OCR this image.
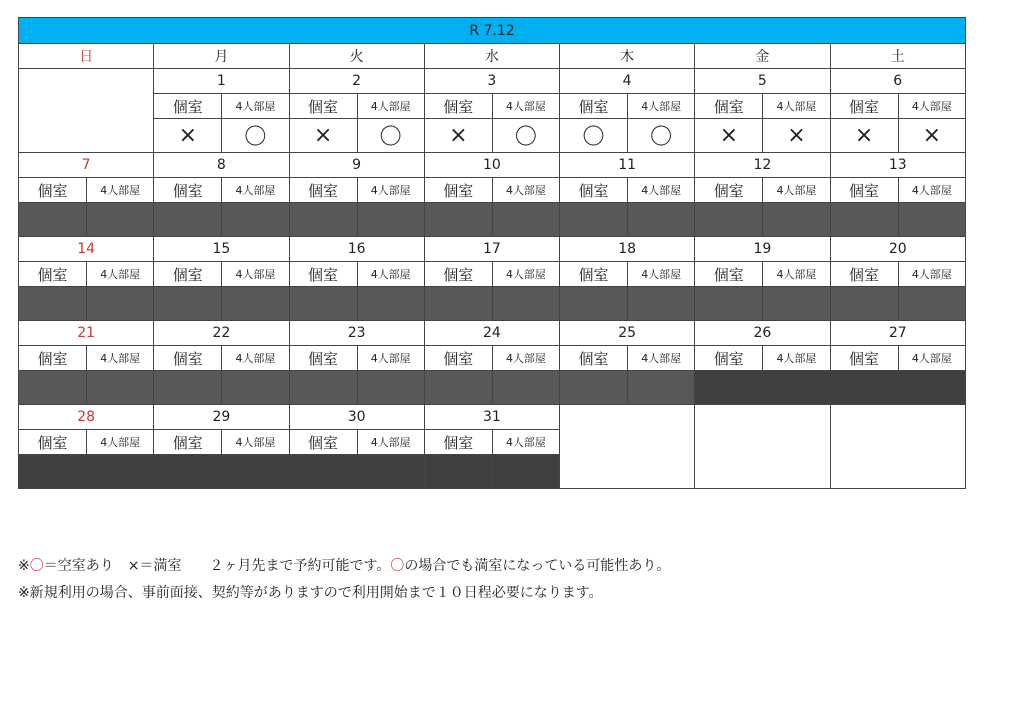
R 7.12													
日		月		火		水		木		金		土	
		1		2		3		4		5		6	
		個室	4人部屋	個室	4人部屋	個室	4人部屋	個室	4人部屋	個室	4人部屋	個室	4人部屋
		×	〇	×	〇	×	〇	〇	〇	×	×	×	×
7		8		9		10		11		12		13	
個室	4人部屋	個室	4人部屋	個室	4人部屋	個室	4人部屋	個室	4人部屋	個室	4人部屋	個室	4人部屋

14		15		16		17		18		19		20	
個室	4人部屋	個室	4人部屋	個室	4人部屋	個室	4人部屋	個室	4人部屋	個室	4人部屋	個室	4人部屋

21		22		23		24		25		26		27	
個室	4人部屋	個室	4人部屋	個室	4人部屋	個室	4人部屋	個室	4人部屋	個室	4人部屋	個室	4人部屋

28		29		30		31							
個室	4人部屋	個室	4人部屋	個室	4人部屋	個室	4人部屋						

※〇＝空室あり　×＝満室　　２ヶ月先まで予約可能です。〇の場合でも満室になっている可能性あり。
※新規利用の場合、事前面接、契約等がありますので利用開始まで１０日程必要になります。
